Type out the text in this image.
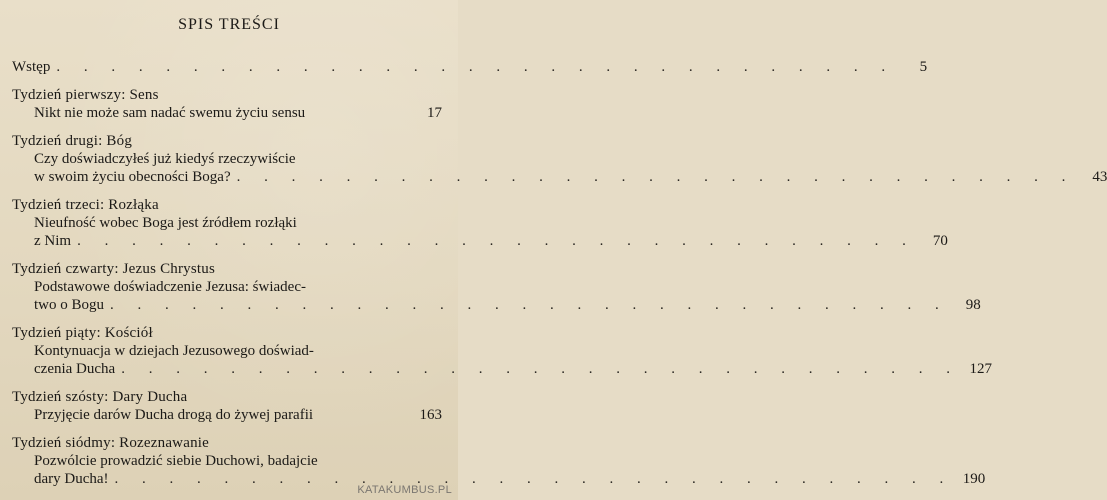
SPIS TREŚCI
Wstęp . . . . . . . . . . . . . . . . . . . . . . . . . . . . . . .	5
Tydzień pierwszy: Sens
Nikt nie może sam nadać swemu życiu sensu	17
Tydzień drugi: Bóg
Czy doświadczyłeś już kiedyś rzeczywiście
w swoim życiu obecności Boga? . . . . . . . . . . . . . . . . . . . . . . . . . . . . . . .	43
Tydzień trzeci: Rozłąka
Nieufność wobec Boga jest źródłem rozłąki
z Nim . . . . . . . . . . . . . . . . . . . . . . . . . . . . . . .	70
Tydzień czwarty: Jezus Chrystus
Podstawowe doświadczenie Jezusa: świadec-
two o Bogu . . . . . . . . . . . . . . . . . . . . . . . . . . . . . . .	98
Tydzień piąty: Kościół
Kontynuacja w dziejach Jezusowego doświad-
czenia Ducha . . . . . . . . . . . . . . . . . . . . . . . . . . . . . . . 127
Tydzień szósty: Dary Ducha
Przyjęcie darów Ducha drogą do żywej parafii	163
Tydzień siódmy: Rozeznawanie
Pozwólcie prowadzić siebie Duchowi, badajcie
dary Ducha! . . . . . . . . . . . . . . . . . . . . . . . . . . . . . . . 190
KATAKUMBUS.PL
